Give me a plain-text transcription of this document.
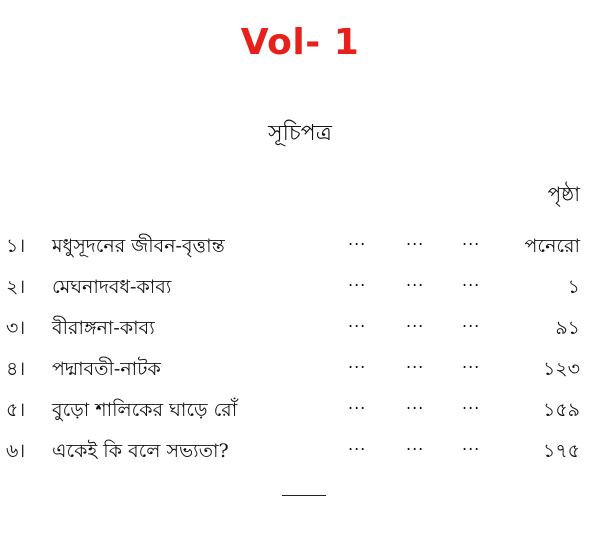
Vol- 1
সূচিপত্র
পৃষ্ঠা
১।	মধুসূদনের জীবন-বৃত্তান্ত	... ... ... পনেরো
২।	মেঘনাদবধ-কাব্য	... ... ...	১
৩।	বীরাঙ্গনা-কাব্য	... ... ...	৯১
৪।	পদ্মাবতী-নাটক	... ... ...	১২৩
৫।	বুড়ো শালিকের ঘাড়ে রোঁ	... ... ...	১৫৯
৬।	একেই কি বলে সভ্যতা?	... ... ...	১৭৫
